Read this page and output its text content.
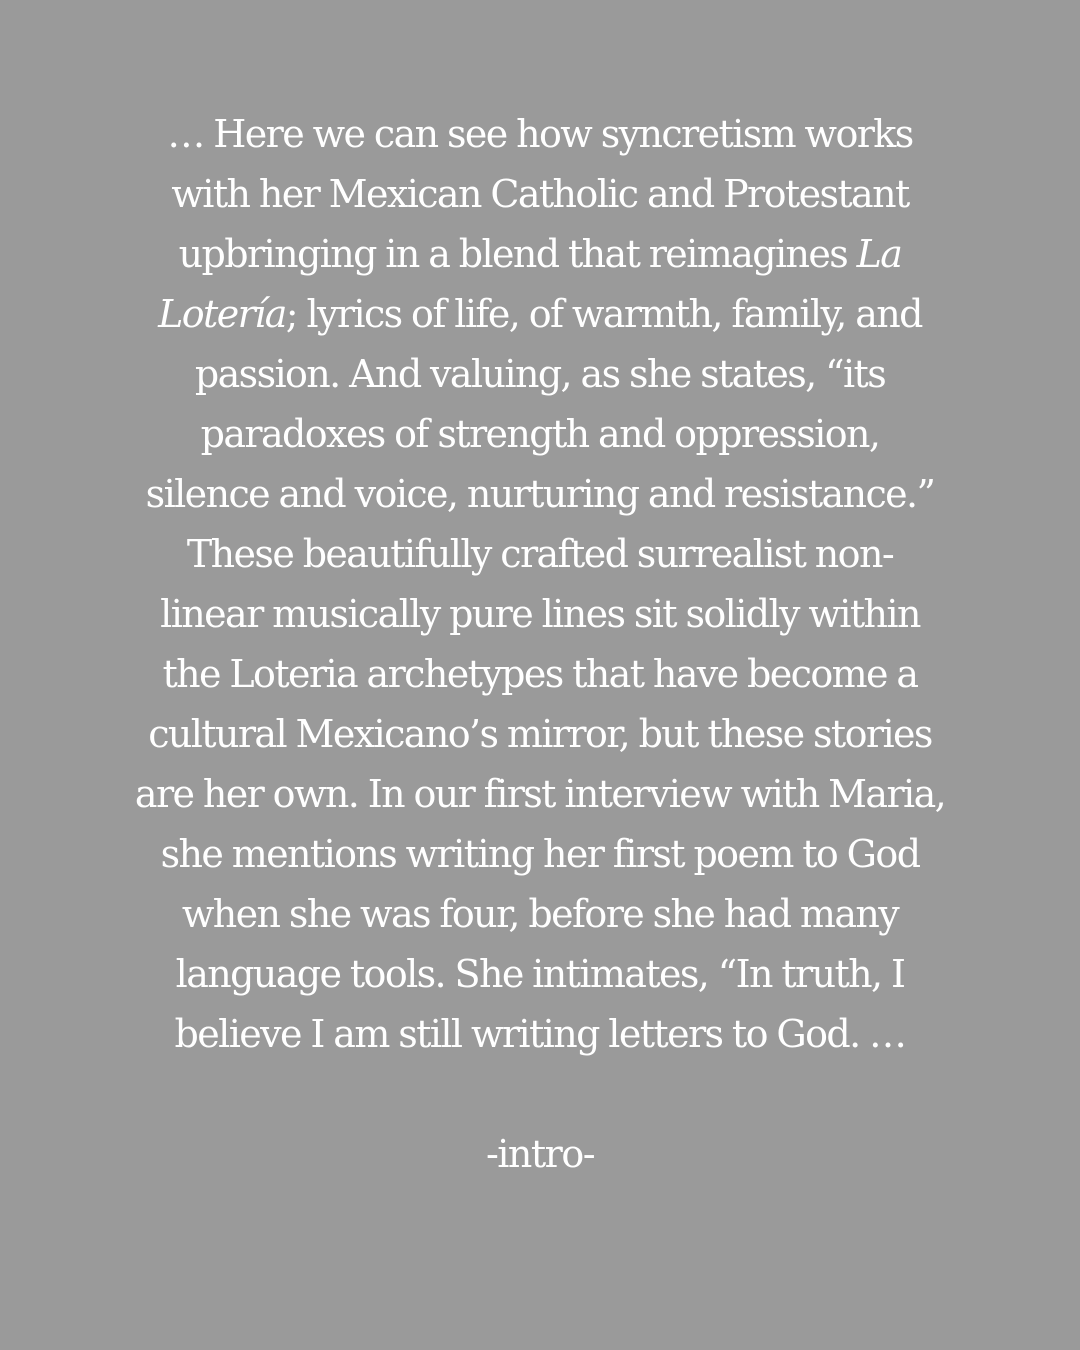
… Here we can see how syncretism works
with her Mexican Catholic and Protestant
upbringing in a blend that reimagines La
Lotería; lyrics of life, of warmth, family, and
passion. And valuing, as she states, “its
paradoxes of strength and oppression,
silence and voice, nurturing and resistance.”
These beautifully crafted surrealist non-
linear musically pure lines sit solidly within
the Loteria archetypes that have become a
cultural Mexicano’s mirror, but these stories
are her own. In our first interview with Maria,
she mentions writing her first poem to God
when she was four, before she had many
language tools. She intimates, “In truth, I
believe I am still writing letters to God. …
-intro-
